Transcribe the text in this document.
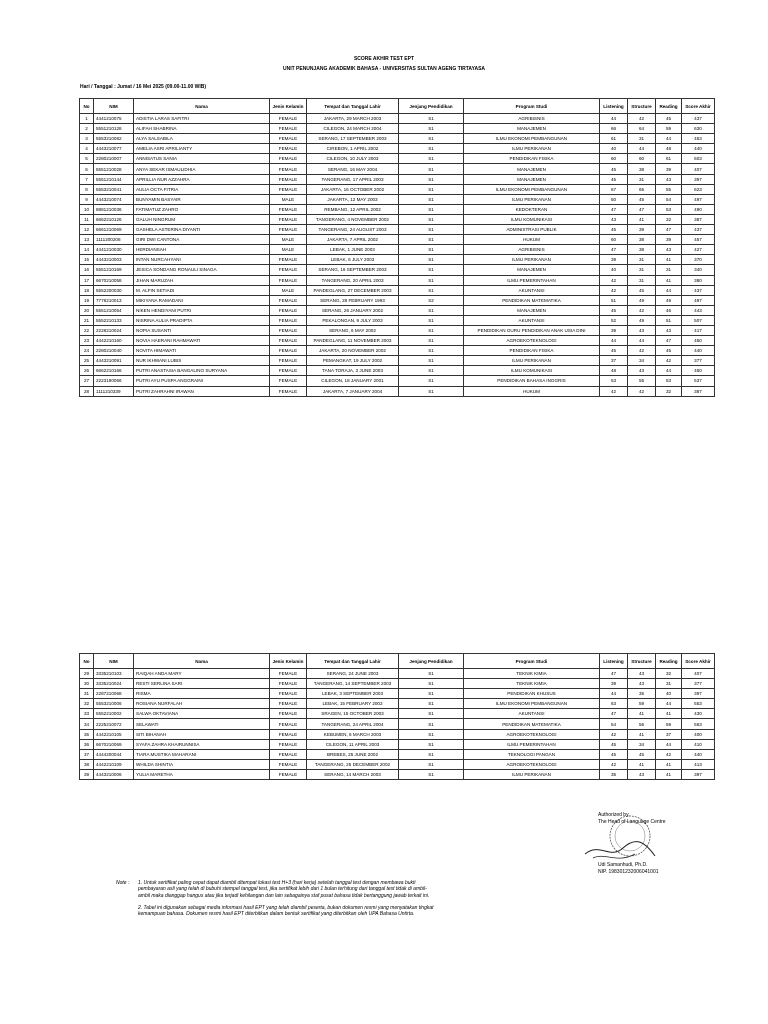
SCORE AKHIR TEST EPT
UNIT PENUNJANG AKADEMIK BAHASA - UNIVERSITAS SULTAN AGENG TIRTAYASA
Hari / Tanggal : Jumat / 16 Mei 2025 (09.00-11.00 WIB)
No	NIM	Nama	Jenis Kelamin	Tempat dan Tanggal Lahir	Jenjang Pendidikan	Program Studi	Listening	Structure	Reading	Score Akhir
1	4441210075	ADISTIA LARAS SAFITRI	FEMALE	JAKARTA, 29 MARCH 2003	S1	AGRIBISNIS	44	42	45	437
2	5551210128	ALIFAH SHABRINA	FEMALE	CILEGON, 24 MARCH 2004	S1	MANAJEMEN	66	64	59	630
3	5553210082	ALYA SALSABILA	FEMALE	SERANG, 17 SEPTEMBER 2003	S1	ILMU EKONOMI PEMBANGUNAN	61	31	44	453
4	4443210077	AMELIA ASRI APRILIANTY	FEMALE	CIREBON, 1 APRIL 2002	S1	ILMU PERIKANAN	40	44	48	440
5	2280210007	ANNISATUS SANIA	FEMALE	CILEGON, 10 JULY 2003	S1	PENDIDIKAN FISIKA	60	60	61	603
6	5551210028	ANYA SEKAR ISMAULIDHIA	FEMALE	SERANG, 16 MAY 2004	S1	MANAJEMEN	45	38	39	407
7	5551210144	APRILLIA NUR AZZAHRA	FEMALE	TANGERANG, 17 APRIL 2003	S1	MANAJEMEN	45	31	43	397
8	5553210041	AULIA OCTA FITRIA	FEMALE	JAKARTA, 16 OCTOBER 2002	S1	ILMU EKONOMI PEMBANGUNAN	67	65	55	623
9	4443210074	BUNYAMIN BASYAIR	MALE	JAKARTA, 12 MAY 2003	S1	ILMU PERIKANAN	50	45	54	497
10	8881210036	FATIMATUZ ZAHRO	FEMALE	REMBANG, 12 APRIL 2002	S1	KEDOKTERAN	47	47	53	490
11	6662210126	GALUH NINGRUM	FEMALE	TANGERANG, 4 NOVEMBER 2002	S1	ILMU KOMUNIKASI	43	41	32	387
12	6661210069	GASHELA ASTERINA DIYANTI	FEMALE	TANGERANG, 24 AUGUST 2003	S1	ADMINISTRASI PUBLIK	45	39	47	437
13	1111200208	GIRI DWI CANTONA	MALE	JAKARTA, 7 APRIL 2002	S1	HUKUM	60	38	39	457
14	4441210030	HERDIANSAH	MALE	LEBAK, 1 JUNE 2003	S1	AGRIBISNIS	47	38	43	427
15	4443210003	INTAN NURCAHYANI	FEMALE	LEBAK, 6 JULY 2003	S1	ILMU PERIKANAN	39	31	41	370
16	5551210159	JESICA SONDANG RONAULI SINAGA	FEMALE	SERANG, 16 SEPTEMBER 2003	S1	MANAJEMEN	40	31	31	340
17	6670210058	JIHAN MARUZAH	FEMALE	TANGERANG, 20 APRIL 2003	S1	ILMU PEMERINTAHAN	42	31	41	380
18	5552200030	M. ALFIN SETIADI	MALE	PANDEGLANG, 27 DECEMBER 2003	S1	AKUNTANSI	42	45	44	437
19	7778210013	MIKIYANA RAMADANI	FEMALE	SERANG, 28 FEBRUARY 1993	S2	PENDIDIKAN MATEMATIKA	51	49	49	497
20	5551210054	NIKEN HENDIYANI PUTRI	FEMALE	SERANG, 26 JANUARY 2002	S1	MANAJEMEN	45	42	46	443
21	5552210133	NISRINA AULIA PRADIPTA	FEMALE	PEKALONGAN, 9 JULY 2003	S1	AKUNTANSI	52	49	51	507
22	2228210024	NOPIA SUSANTI	FEMALE	SERANG, 6 MAY 2002	S1	PENDIDIKAN GURU PENDIDIKAN ANAK USIA DINI	39	43	43	417
23	4442210160	NOVIA HAERANI RAHMAWATI	FEMALE	PANDEGLANG, 11 NOVEMBER 2003	S1	AGROEKOTEKNOLOGI	44	44	47	450
24	2280210040	NOVITA HIMAWATI	FEMALE	JAKARTA, 20 NOVEMBER 2002	S1	PENDIDIKAN FISIKA	45	42	45	440
25	4443210091	NUR IKHWANI LUBIS	FEMALE	PEMANGKAT, 19 JULY 2002	S1	ILMU PERIKANAN	37	34	42	377
26	6662210166	PUTRI ANASTASIA BANGALINO SURYANA	FEMALE	TANA TORAJA, 3 JUNE 2003	S1	ILMU KOMUNIKASI	48	43	44	450
27	2223190066	PUTRI AYU PUSPA ANGGRAINI	FEMALE	CILEGON, 18 JANUARY 2001	S1	PENDIDIKAN BAHASA INGGRIS	53	55	53	537
28	1111210339	PUTRI ZAHRAHNI IRAWAN	FEMALE	JAKARTA, 7 JANUARY 2004	S1	HUKUM	42	42	32	387
No	NIM	Nama	Jenis Kelamin	Tempat dan Tanggal Lahir	Jenjang Pendidikan	Program Studi	Listening	Structure	Reading	Score Akhir
29	3335210103	RAIQAH ANDA MARY	FEMALE	SERANG, 24 JUNE 2003	S1	TEKNIK KIMIA	47	43	32	407
30	3335210024	RESTI SERLINA SARI	FEMALE	TANGERANG, 14 SEPTEMBER 2003	S1	TEKNIK KIMIA	39	43	31	377
31	2287210068	RISMA	FEMALE	LEBAK, 3 SEPTEMBER 2003	S1	PENDIDIKAN KHUSUS	44	35	40	397
32	5553210006	ROSIANA NURFALAH	FEMALE	LEBAK, 15 FEBRUARY 2002	S1	ILMU EKONOMI PEMBANGUNAN	63	59	44	553
33	5552210002	SALWA OKTAVIANA	FEMALE	SRAGEN, 15 OCTOBER 2003	S1	AKUNTANSI	47	41	41	430
34	2225210072	SELAWATI	FEMALE	TANGERANG, 24 APRIL 2004	S1	PENDIDIKAN MATEMATIKA	54	56	59	563
35	4442210105	SITI BIHANAH	FEMALE	KEBUMEN, 6 MARCH 2003	S1	AGROEKOTEKNOLOGI	42	41	37	400
36	6670210069	SYAFA ZAHRA KHAIRUNNISA	FEMALE	CILEGON, 11 APRIL 2003	S1	ILMU PEMERINTAHAN	45	34	44	410
37	4444200044	TIARA MUSTIKA MAHARANI	FEMALE	BREBES, 25 JUNE 2002	S1	TEKNOLOGI PANGAN	45	45	42	440
38	4442210109	WHILDA SHINTIA	FEMALE	TANGERANG, 25 DECEMBER 2002	S1	AGROEKOTEKNOLOGI	42	41	41	413
39	4443210006	YULIA MARETHA	FEMALE	SERANG, 14 MARCH 2003	S1	ILMU PERIKANAN	35	43	41	397
Authorized by,
The Head of Language Centre
Udi Samanhudi, Ph.D.
NIP. 198301232006041001
Note : 1. Untuk sertifikat paling cepat dapat diambil ditempat lokasi test H+3 (hari kerja) setelah tanggal test dengan membawa bukti pembayaran asli yang telah di bubuhi stempel tanggal test, jika sertifikat lebih dari 1 bulan terhitung dari tanggal test tidak di ambil-ambil maka dianggap hangus atau jika terjadi kehilangan dan lain sebagainya staf pusat bahasa tidak bertanggung jawab terkait ini.

2. Tabel ini digunakan sebagai media informasi hasil EPT yang telah diambil peserta, bukan dokumen resmi yang menyatakan tingkat kemampuan bahasa. Dokumen resmi hasil EPT diterbitkan dalam bentuk sertifikat yang diterbitkan oleh UPA Bahasa Untirta.
